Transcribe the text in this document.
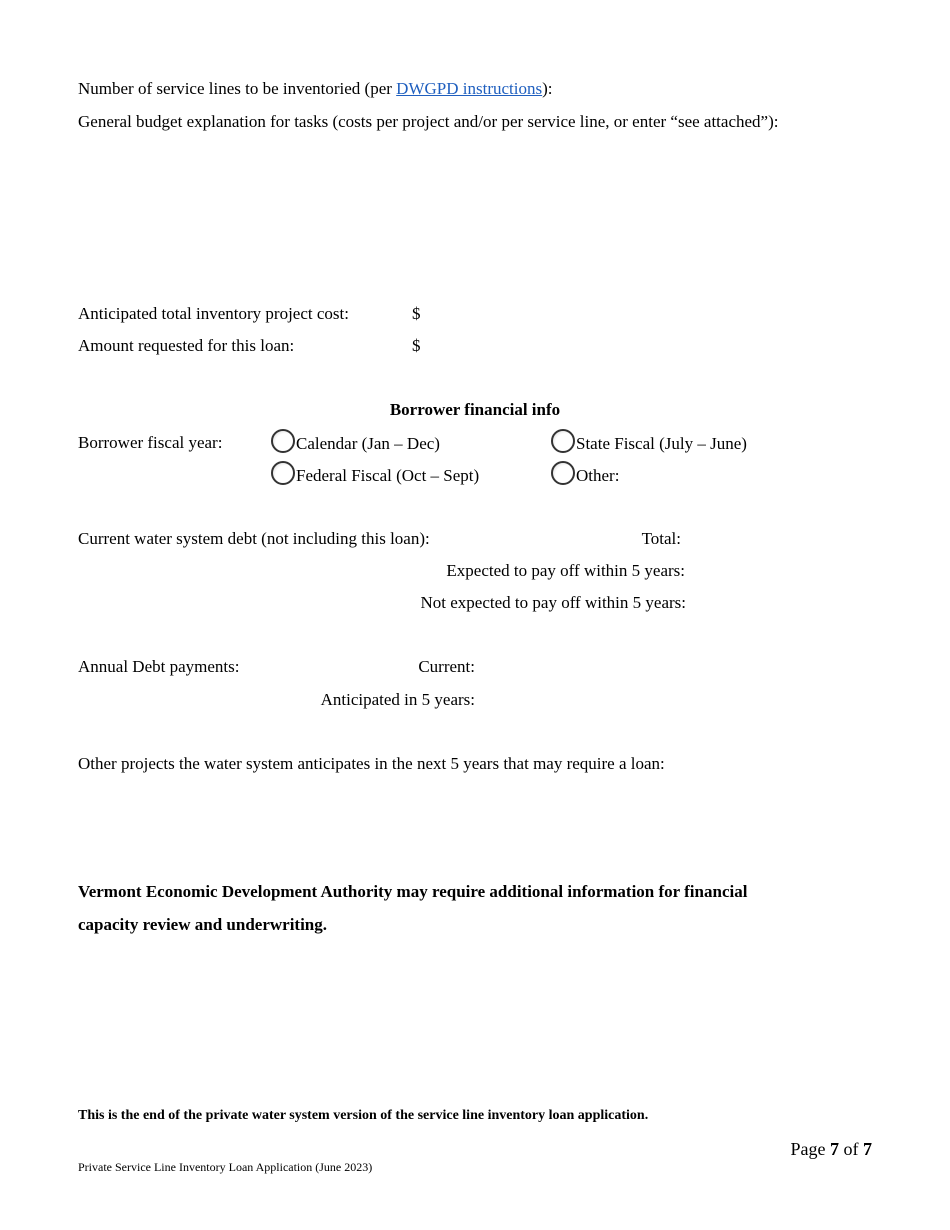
Number of service lines to be inventoried (per DWGPD instructions):
General budget explanation for tasks (costs per project and/or per service line, or enter “see attached”):
Anticipated total inventory project cost:	$
Amount requested for this loan:	$
Borrower financial info
Borrower fiscal year:	Calendar (Jan – Dec)	State Fiscal (July – June)
Federal Fiscal (Oct – Sept)	Other:
Current water system debt (not including this loan):	Total:
Expected to pay off within 5 years:
Not expected to pay off within 5 years:
Annual Debt payments:	Current:
Anticipated in 5 years:
Other projects the water system anticipates in the next 5 years that may require a loan:
Vermont Economic Development Authority may require additional information for financial
capacity review and underwriting.
This is the end of the private water system version of the service line inventory loan application.
Page 7 of 7
Private Service Line Inventory Loan Application (June 2023)
